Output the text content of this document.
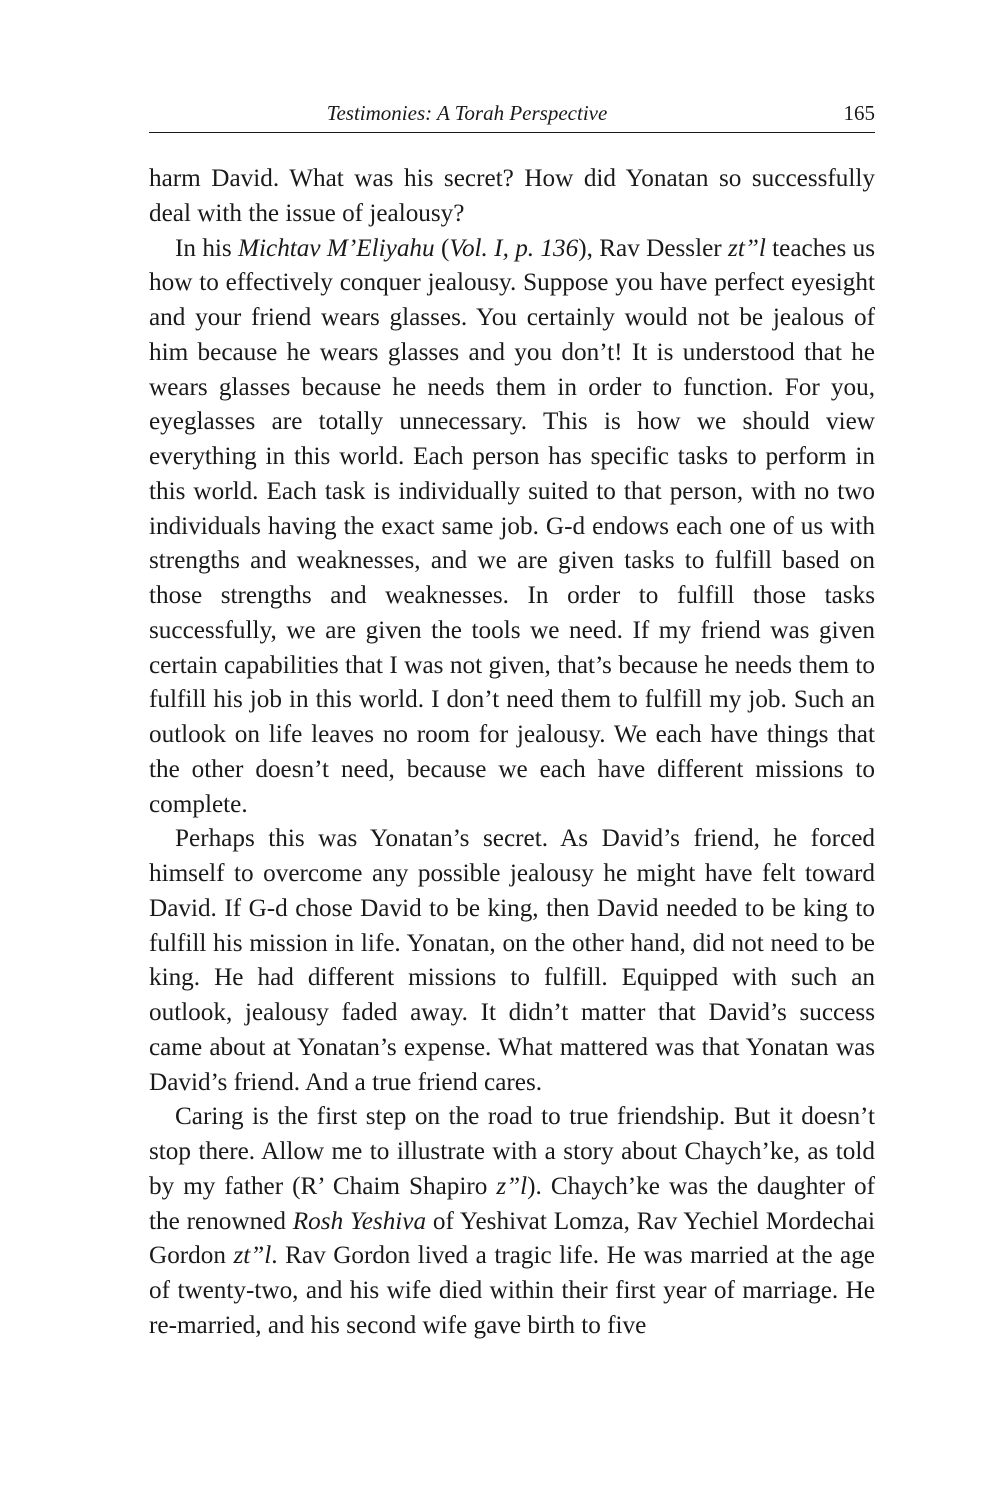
Testimonies: A Torah Perspective	165

harm David. What was his secret? How did Yonatan so successfully deal with the issue of jealousy?

In his Michtav M’Eliyahu (Vol. I, p. 136), Rav Dessler zt”l teaches us how to effectively conquer jealousy. Suppose you have perfect eyesight and your friend wears glasses. You certainly would not be jealous of him because he wears glasses and you don’t! It is understood that he wears glasses because he needs them in order to function. For you, eyeglasses are totally unnecessary. This is how we should view everything in this world. Each person has specific tasks to perform in this world. Each task is individually suited to that person, with no two individuals having the exact same job. G-d endows each one of us with strengths and weaknesses, and we are given tasks to fulfill based on those strengths and weaknesses. In order to fulfill those tasks successfully, we are given the tools we need. If my friend was given certain capabilities that I was not given, that’s because he needs them to fulfill his job in this world. I don’t need them to fulfill my job. Such an outlook on life leaves no room for jealousy. We each have things that the other doesn’t need, because we each have different missions to complete.

Perhaps this was Yonatan’s secret. As David’s friend, he forced himself to overcome any possible jealousy he might have felt toward David. If G-d chose David to be king, then David needed to be king to fulfill his mission in life. Yonatan, on the other hand, did not need to be king. He had different missions to fulfill. Equipped with such an outlook, jealousy faded away. It didn’t matter that David’s success came about at Yonatan’s expense. What mattered was that Yonatan was David’s friend. And a true friend cares.

Caring is the first step on the road to true friendship. But it doesn’t stop there. Allow me to illustrate with a story about Chaych’ke, as told by my father (R’ Chaim Shapiro z”l). Chaych’ke was the daughter of the renowned Rosh Yeshiva of Yeshivat Lomza, Rav Yechiel Mordechai Gordon zt”l. Rav Gordon lived a tragic life. He was married at the age of twenty-two, and his wife died within their first year of marriage. He re-married, and his second wife gave birth to five
